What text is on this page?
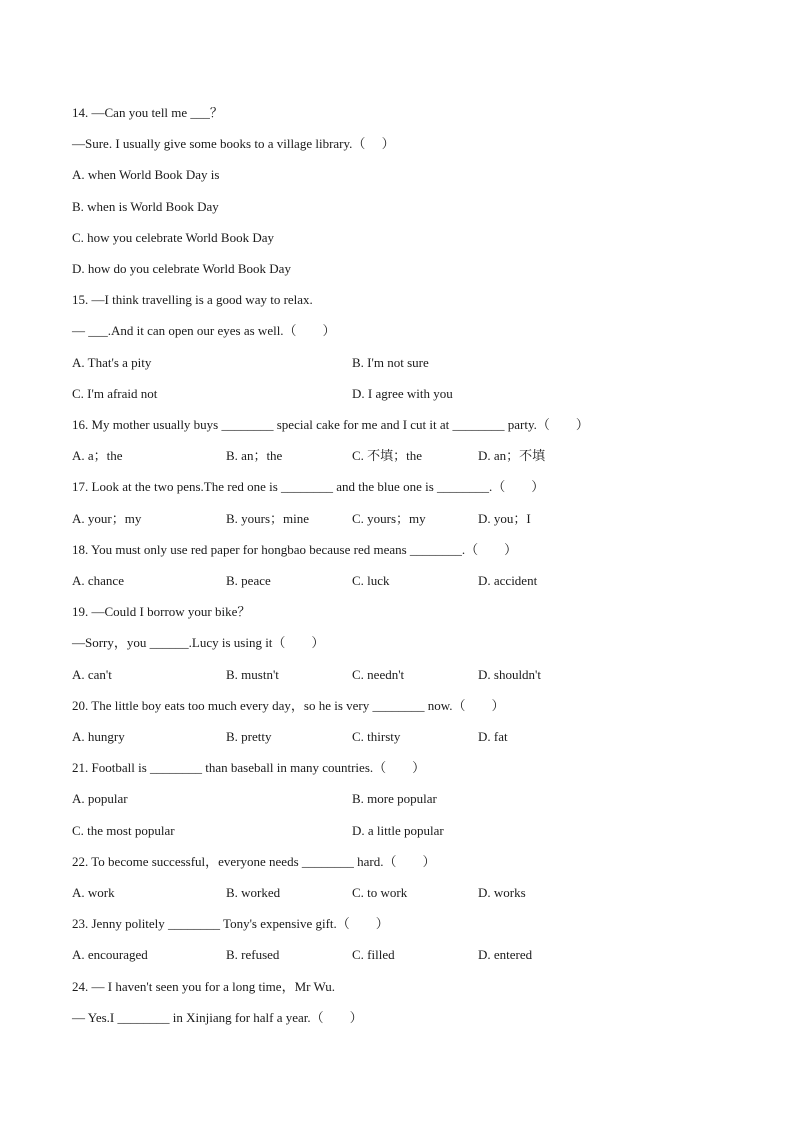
14. —Can you tell me ___？
—Sure. I usually give some books to a village library.（　 ）
A. when World Book Day is
B. when is World Book Day
C. how you celebrate World Book Day
D. how do you celebrate World Book Day
15. —I think travelling is a good way to relax.
— ___.And it can open our eyes as well.（　　）
A. That's a pity	B. I'm not sure
C. I'm afraid not	D. I agree with you
16. My mother usually buys ________ special cake for me and I cut it at ________ party.（　　）
A. a；the	B. an；the	C. 不填；the	D. an；不填
17. Look at the two pens.The red one is ________ and the blue one is ________.（　　）
A. your；my	B. yours；mine	C. yours；my	D. you；I
18. You must only use red paper for hongbao because red means ________.（　　）
A. chance	B. peace	C. luck	D. accident
19. —Could I borrow your bike？
—Sorry，you ______.Lucy is using it（　　）
A. can't	B. mustn't	C. needn't	D. shouldn't
20. The little boy eats too much every day，so he is very ________ now.（　　）
A. hungry	B. pretty	C. thirsty	D. fat
21. Football is ________ than baseball in many countries.（　　）
A. popular	B. more popular
C. the most popular	D. a little popular
22. To become successful，everyone needs ________ hard.（　　）
A. work	B. worked	C. to work	D. works
23. Jenny politely ________ Tony's expensive gift.（　　）
A. encouraged	B. refused	C. filled	D. entered
24. — I haven't seen you for a long time，Mr Wu.
— Yes.I ________ in Xinjiang for half a year.（　　）
